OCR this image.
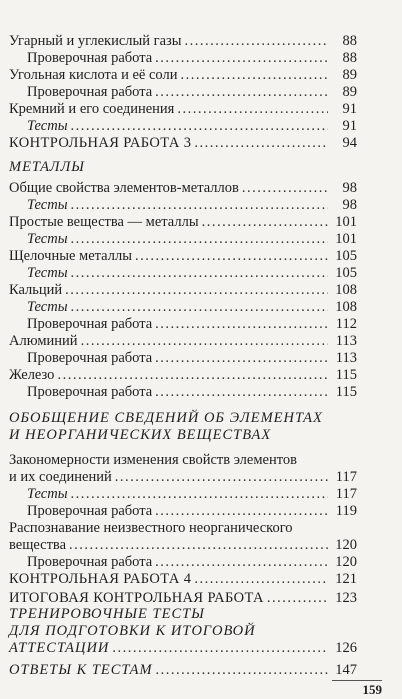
Угарный и углекислый газы .....	88
Проверочная работа .....	88
Угольная кислота и её соли .....	89
Проверочная работа .....	89
Кремний и его соединения .....	91
Тесты .....	91
КОНТРОЛЬНАЯ РАБОТА 3 .....	94
МЕТАЛЛЫ
Общие свойства элементов-металлов .....	98
Тесты .....	98
Простые вещества — металлы .....	101
Тесты .....	101
Щелочные металлы .....	105
Тесты .....	105
Кальций .....	108
Тесты .....	108
Проверочная работа .....	112
Алюминий .....	113
Проверочная работа .....	113
Железо .....	115
Проверочная работа .....	115
ОБОБЩЕНИЕ СВЕДЕНИЙ ОБ ЭЛЕМЕНТАХ
И НЕОРГАНИЧЕСКИХ ВЕЩЕСТВАХ
Закономерности изменения свойств элементов
и их соединений .....	117
Тесты .....	117
Проверочная работа .....	119
Распознавание неизвестного неорганического
вещества .....	120
Проверочная работа .....	120
КОНТРОЛЬНАЯ РАБОТА 4 .....	121
ИТОГОВАЯ КОНТРОЛЬНАЯ РАБОТА .....	123
ТРЕНИРОВОЧНЫЕ ТЕСТЫ
ДЛЯ ПОДГОТОВКИ К ИТОГОВОЙ
АТТЕСТАЦИИ .....	126
ОТВЕТЫ К ТЕСТАМ .....	147
159
